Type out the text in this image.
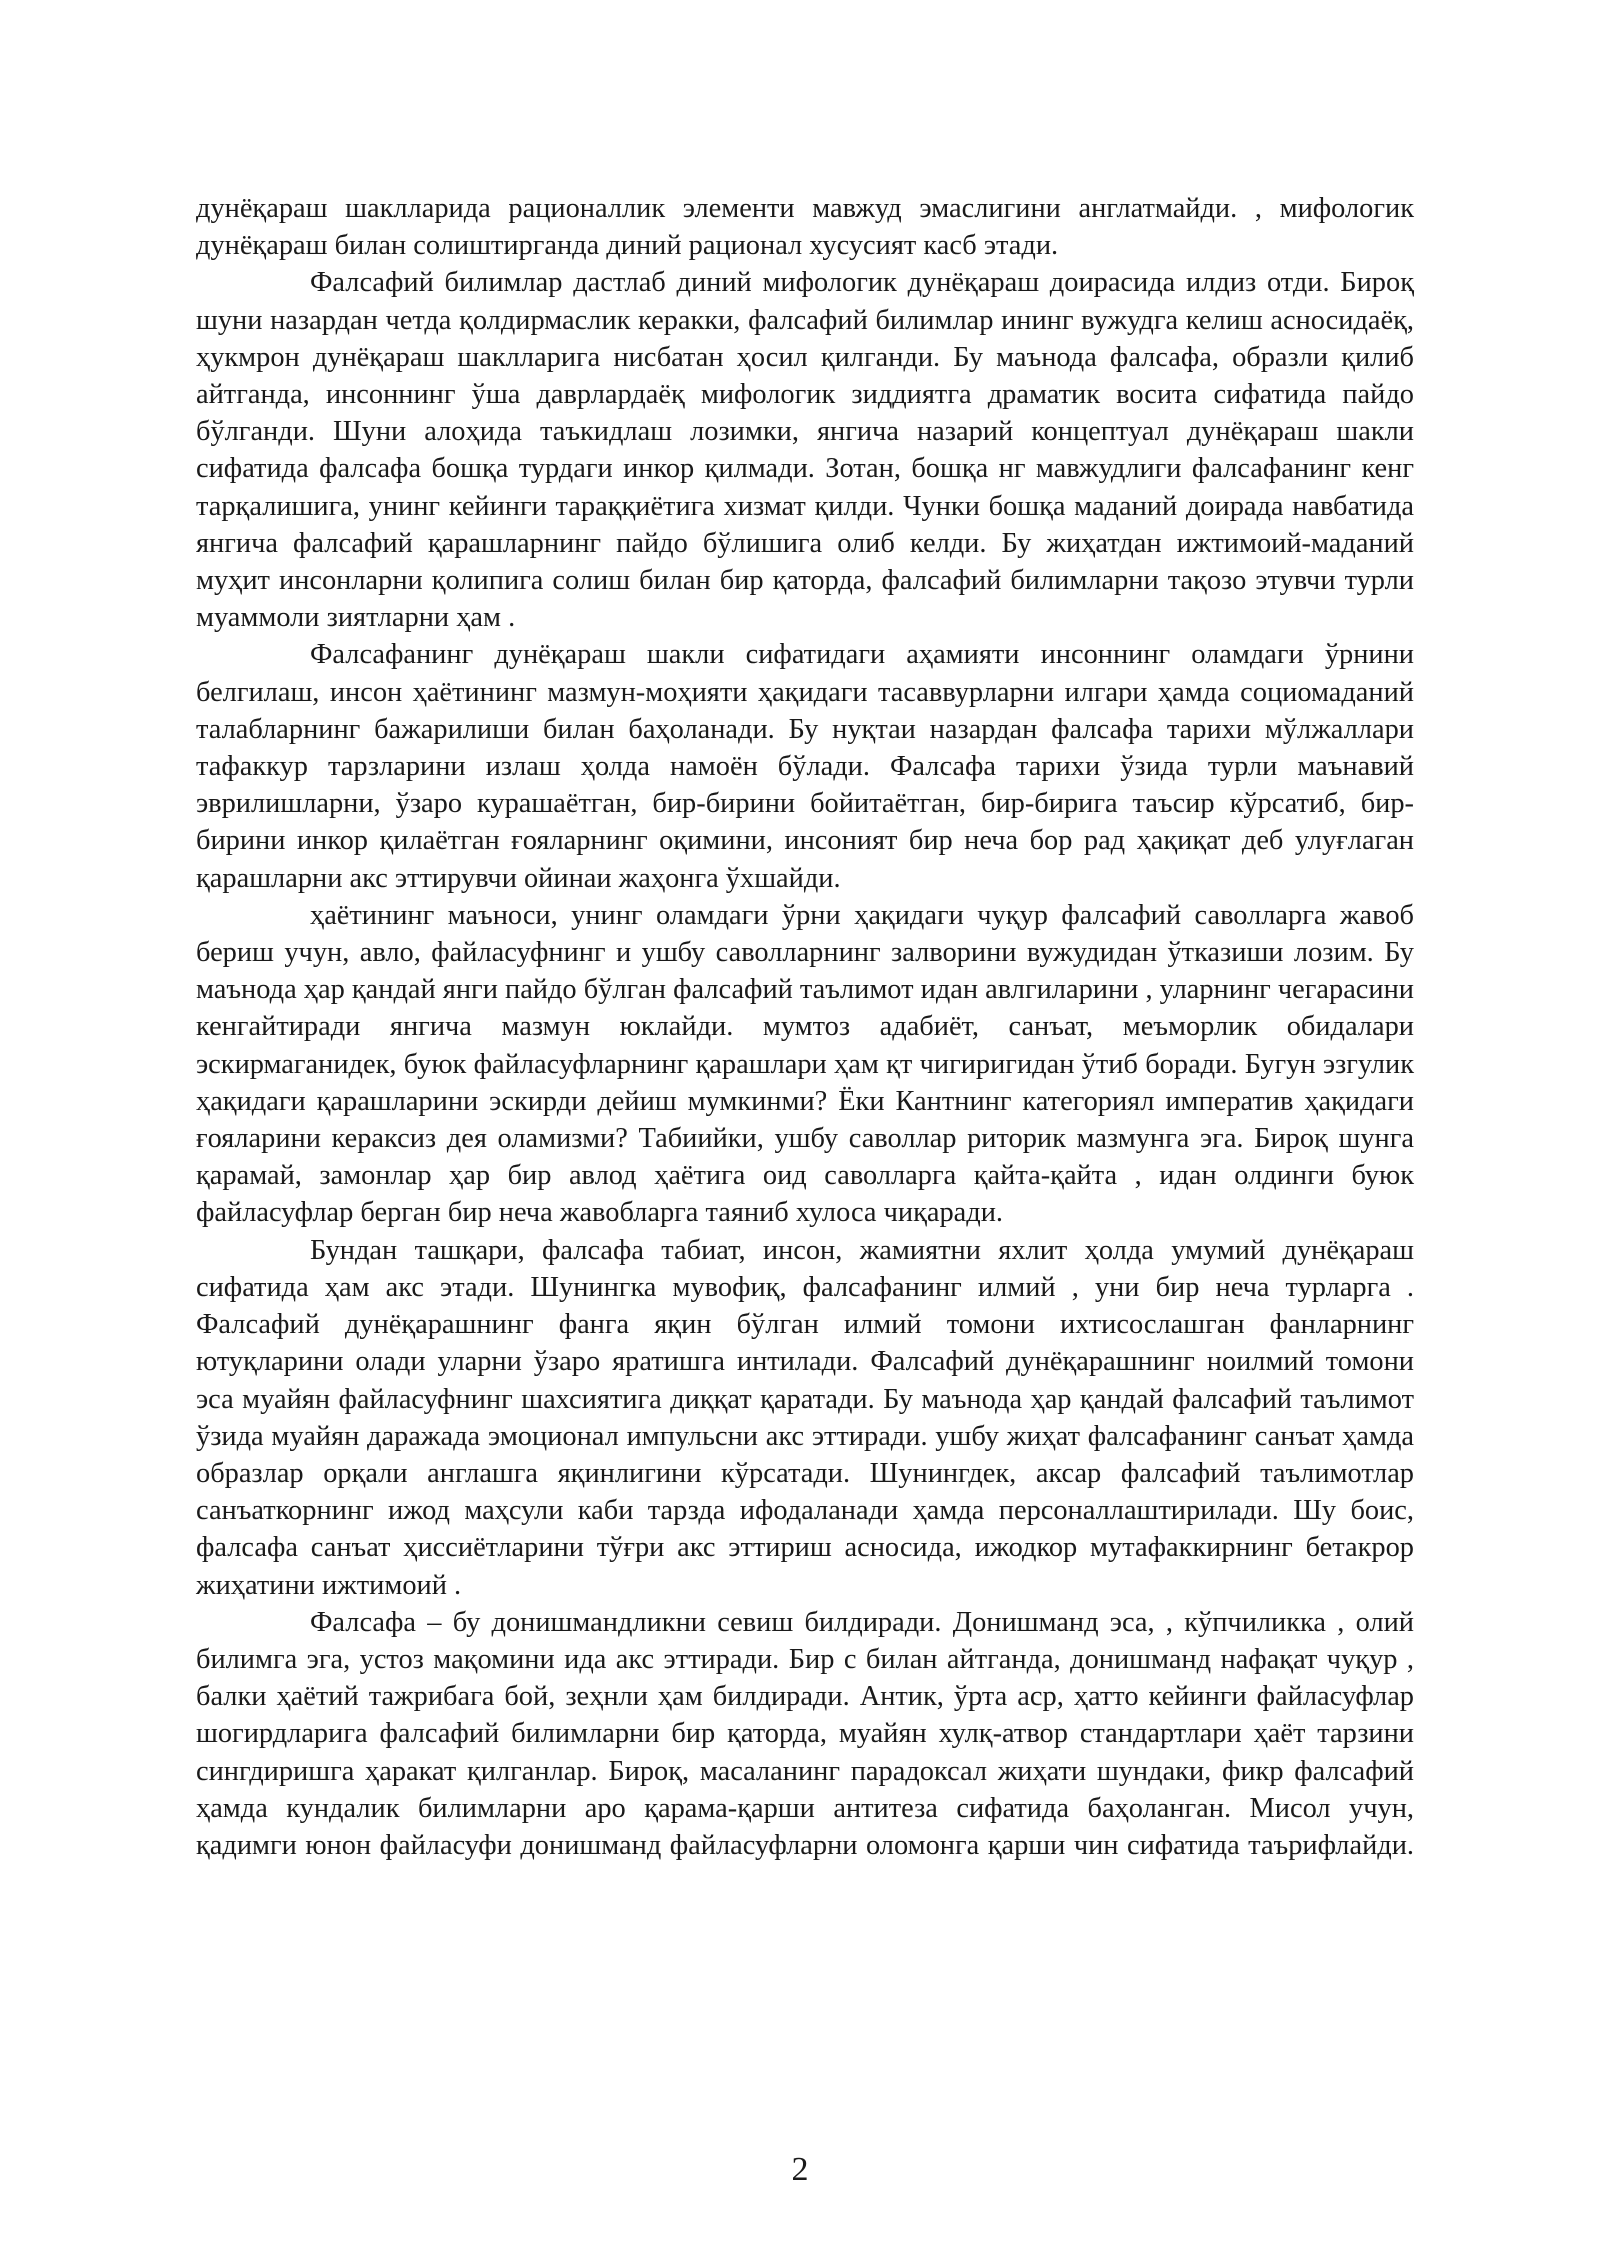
дунёқараш шаклларида рационаллик элементи мавжуд эмаслигини англатмайди. , мифологик дунёқараш билан солиштирганда диний рационал хусусият касб этади.

Фалсафий билимлар дастлаб диний мифологик дунёқараш доирасида илдиз отди. Бироқ шуни назардан четда қолдирмаслик керакки, фалсафий билимлар ининг вужудга келиш асносидаёқ, ҳукмрон дунёқараш шаклларига нисбатан ҳосил қилганди. Бу маънода фалсафа, образли қилиб айтганда, инсоннинг ўша даврлардаёқ мифологик зиддиятга драматик восита сифатида пайдо бўлганди. Шуни алоҳида таъкидлаш лозимки, янгича назарий концептуал дунёқараш шакли сифатида фалсафа бошқа турдаги инкор қилмади. Зотан, бошқа нг мавжудлиги фалсафанинг кенг тарқалишига, унинг кейинги тараққиётига хизмат қилди. Чунки бошқа маданий доирада навбатида янгича фалсафий қарашларнинг пайдо бўлишига олиб келди. Бу жиҳатдан ижтимоий-маданий муҳит инсонларни қолипига солиш билан бир қаторда, фалсафий билимларни тақозо этувчи турли муаммоли зиятларни ҳам .

Фалсафанинг дунёқараш шакли сифатидаги аҳамияти инсоннинг оламдаги ўрнини белгилаш, инсон ҳаётининг мазмун-моҳияти ҳақидаги тасаввурларни илгари ҳамда социомаданий талабларнинг бажарилиши билан баҳоланади. Бу нуқтаи назардан фалсафа тарихи мўлжаллари тафаккур тарзларини излаш ҳолда намоён бўлади. Фалсафа тарихи ўзида турли маънавий эврилишларни, ўзаро курашаётган, бир-бирини бойитаётган, бир-бирига таъсир кўрсатиб, бир-бирини инкор қилаётган ғояларнинг оқимини, инсоният бир неча бор рад ҳақиқат деб улуғлаган қарашларни акс эттирувчи ойинаи жаҳонга ўхшайди.

ҳаётининг маъноси, унинг оламдаги ўрни ҳақидаги чуқур фалсафий саволларга жавоб бериш учун, авло, файласуфнинг и ушбу саволларнинг залворини вужудидан ўтказиши лозим. Бу маънода ҳар қандай янги пайдо бўлган фалсафий таълимот идан авлгиларини , уларнинг чегарасини кенгайтиради янгича мазмун юклайди. мумтоз адабиёт, санъат, меъморлик обидалари эскирмаганидек, буюк файласуфларнинг қарашлари ҳам қт чигиригидан ўтиб боради. Бугун эзгулик ҳақидаги қарашларини эскирди дейиш мумкинми? Ёки Кантнинг категориял императив ҳақидаги ғояларини кераксиз дея оламизми? Табиийки, ушбу саволлар риторик мазмунга эга. Бироқ шунга қарамай, замонлар ҳар бир авлод ҳаётига оид саволларга қайта-қайта , идан олдинги буюк файласуфлар берган бир неча жавобларга таяниб хулоса чиқаради.

Бундан ташқари, фалсафа табиат, инсон, жамиятни яхлит ҳолда умумий дунёқараш сифатида ҳам акс этади. Шунингка мувофиқ, фалсафанинг илмий , уни бир неча турларга . Фалсафий дунёқарашнинг фанга яқин бўлган илмий томони ихтисослашган фанларнинг ютуқларини олади уларни ўзаро яратишга интилади. Фалсафий дунёқарашнинг ноилмий томони эса муайян файласуфнинг шахсиятига диққат қаратади. Бу маънода ҳар қандай фалсафий таълимот ўзида муайян даражада эмоционал импульсни акс эттиради. ушбу жиҳат фалсафанинг санъат ҳамда образлар орқали англашга яқинлигини кўрсатади. Шунингдек, аксар фалсафий таълимотлар санъаткорнинг ижод маҳсули каби тарзда ифодаланади ҳамда персоналлаштирилади. Шу боис, фалсафа санъат ҳиссиётларини тўғри акс эттириш асносида, ижодкор мутафаккирнинг бетакрор жиҳатини ижтимоий .

Фалсафа – бу донишмандликни севиш билдиради. Донишманд эса, , кўпчиликка , олий билимга эга, устоз мақомини ида акс эттиради. Бир с билан айтганда, донишманд нафақат чуқур , балки ҳаётий тажрибага бой, зеҳнли ҳам билдиради. Антик, ўрта аср, ҳатто кейинги файласуфлар шогирдларига фалсафий билимларни бир қаторда, муайян хулқ-атвор стандартлари ҳаёт тарзини сингдиришга ҳаракат қилганлар. Бироқ, масаланинг парадоксал жиҳати шундаки, фикр фалсафий ҳамда кундалик билимларни аро қарама-қарши антитеза сифатида баҳоланган. Мисол учун, қадимги юнон файласуфи донишманд файласуфларни оломонга қарши чин сифатида таърифлайди.

2
